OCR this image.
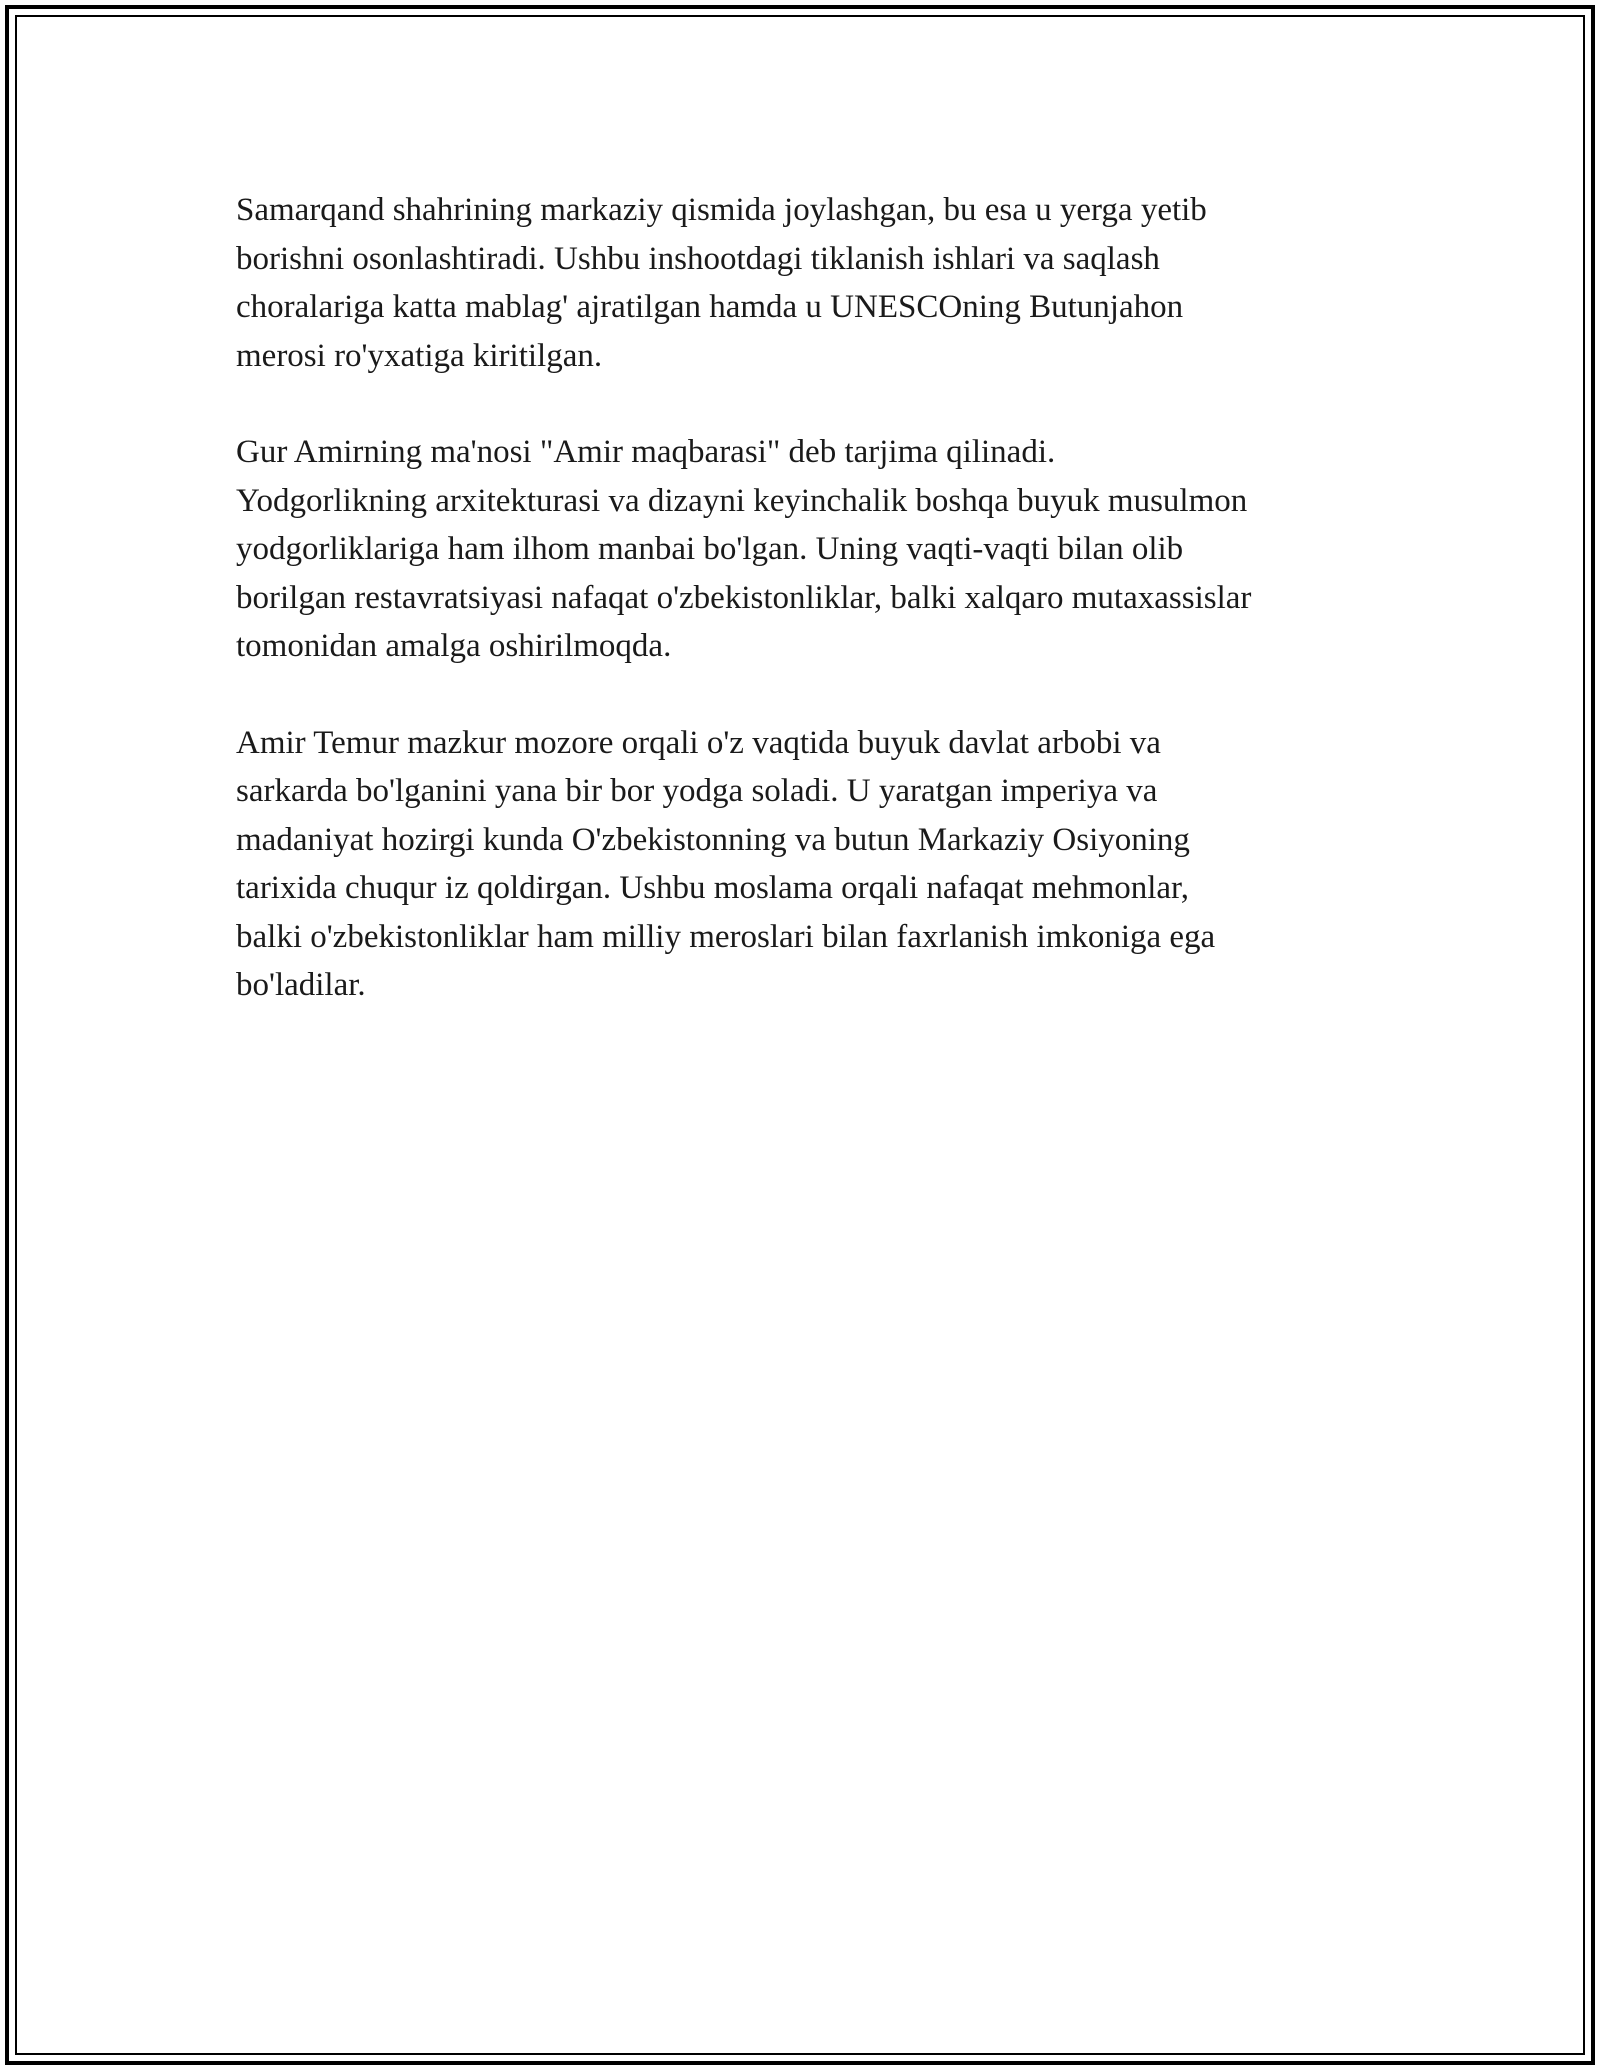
Samarqand shahrining markaziy qismida joylashgan, bu esa u yerga yetib
borishni osonlashtiradi. Ushbu inshootdagi tiklanish ishlari va saqlash
choralariga katta mablag' ajratilgan hamda u UNESCOning Butunjahon
merosi ro'yxatiga kiritilgan.

Gur Amirning ma'nosi "Amir maqbarasi" deb tarjima qilinadi.
Yodgorlikning arxitekturasi va dizayni keyinchalik boshqa buyuk musulmon
yodgorliklariga ham ilhom manbai bo'lgan. Uning vaqti-vaqti bilan olib
borilgan restavratsiyasi nafaqat o'zbekistonliklar, balki xalqaro mutaxassislar
tomonidan amalga oshirilmoqda.

Amir Temur mazkur mozore orqali o'z vaqtida buyuk davlat arbobi va
sarkarda bo'lganini yana bir bor yodga soladi. U yaratgan imperiya va
madaniyat hozirgi kunda O'zbekistonning va butun Markaziy Osiyoning
tarixida chuqur iz qoldirgan. Ushbu moslama orqali nafaqat mehmonlar,
balki o'zbekistonliklar ham milliy meroslari bilan faxrlanish imkoniga ega
bo'ladilar.
